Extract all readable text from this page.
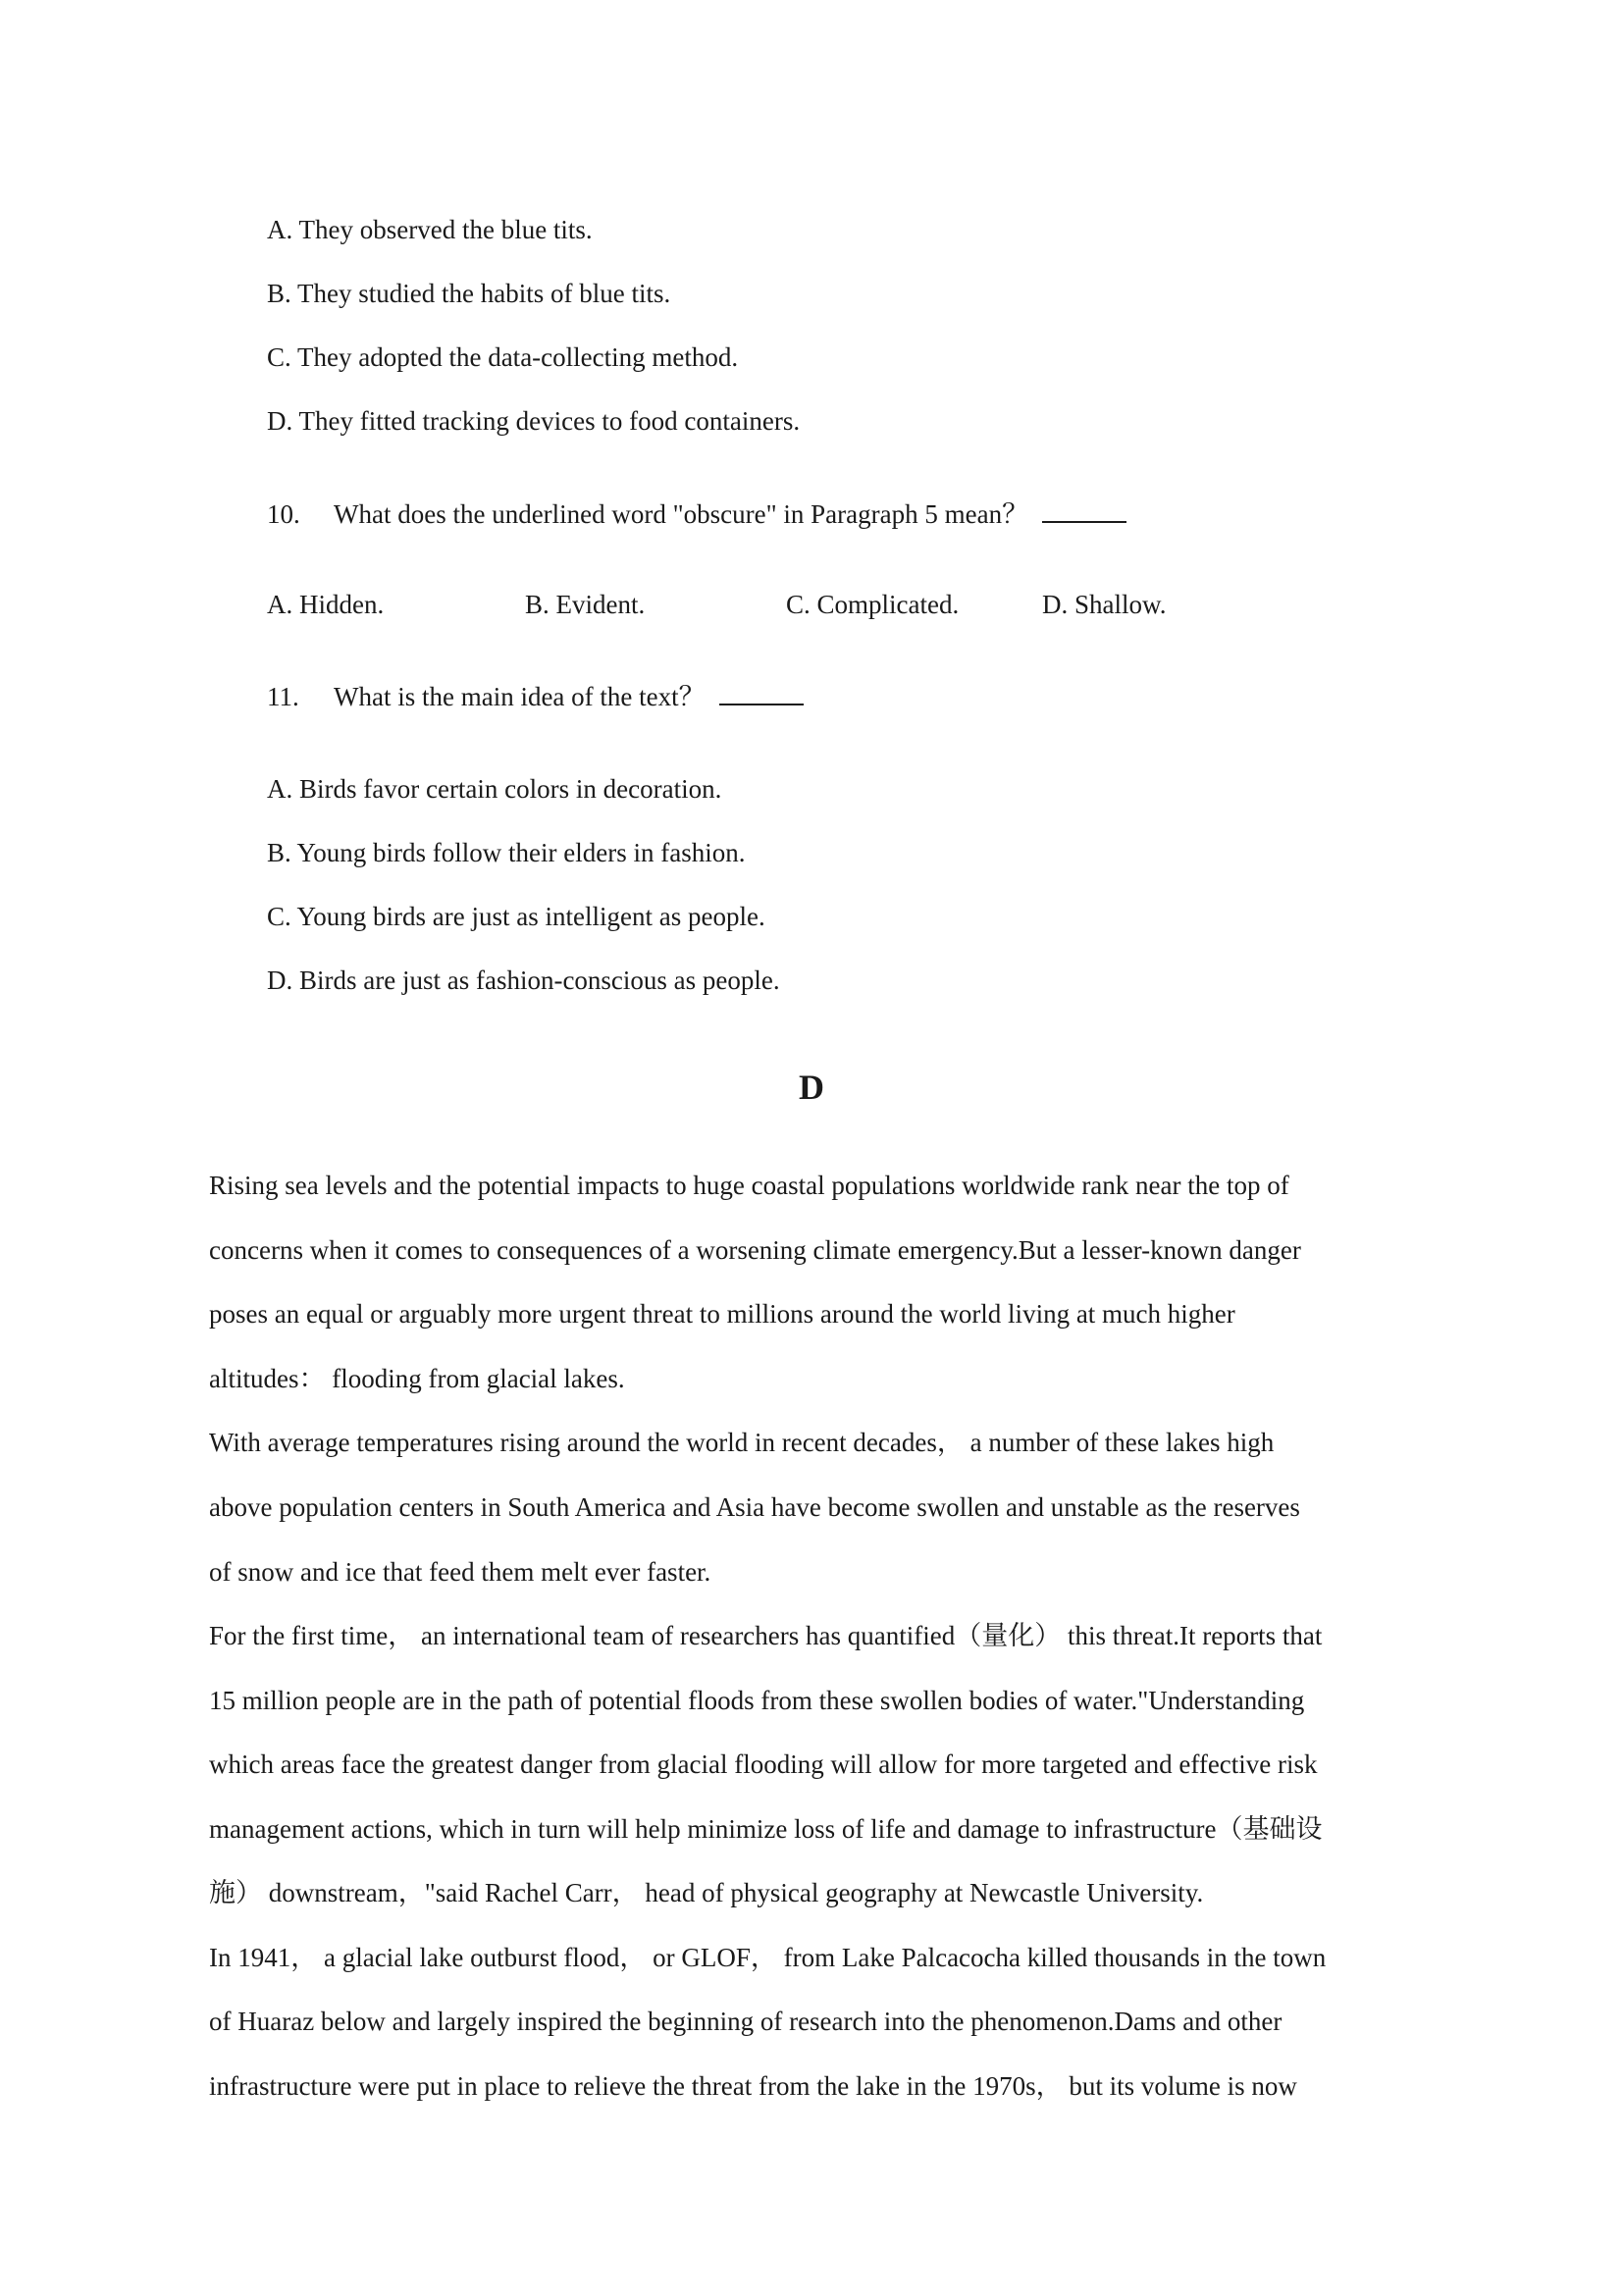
A. They observed the blue tits.
B. They studied the habits of blue tits.
C. They adopted the data-collecting method.
D. They fitted tracking devices to food containers.
10. What does the underlined word "obscure" in Paragraph 5 mean？
A. Hidden.	B. Evident.	C. Complicated.	D. Shallow.
11. What is the main idea of the text？
A. Birds favor certain colors in decoration.
B. Young birds follow their elders in fashion.
C. Young birds are just as intelligent as people.
D. Birds are just as fashion-conscious as people.
D
Rising sea levels and the potential impacts to huge coastal populations worldwide rank near the top of
concerns when it comes to consequences of a worsening climate emergency.But a lesser-known danger
poses an equal or arguably more urgent threat to millions around the world living at much higher
altitudes： flooding from glacial lakes.
With average temperatures rising around the world in recent decades， a number of these lakes high
above population centers in South America and Asia have become swollen and unstable as the reserves
of snow and ice that feed them melt ever faster.
For the first time， an international team of researchers has quantified（量化） this threat.It reports that
15 million people are in the path of potential floods from these swollen bodies of water."Understanding
which areas face the greatest danger from glacial flooding will allow for more targeted and effective risk
management actions, which in turn will help minimize loss of life and damage to infrastructure（基础设
施） downstream，"said Rachel Carr， head of physical geography at Newcastle University.
In 1941， a glacial lake outburst flood， or GLOF， from Lake Palcacocha killed thousands in the town
of Huaraz below and largely inspired the beginning of research into the phenomenon.Dams and other
infrastructure were put in place to relieve the threat from the lake in the 1970s， but its volume is now
